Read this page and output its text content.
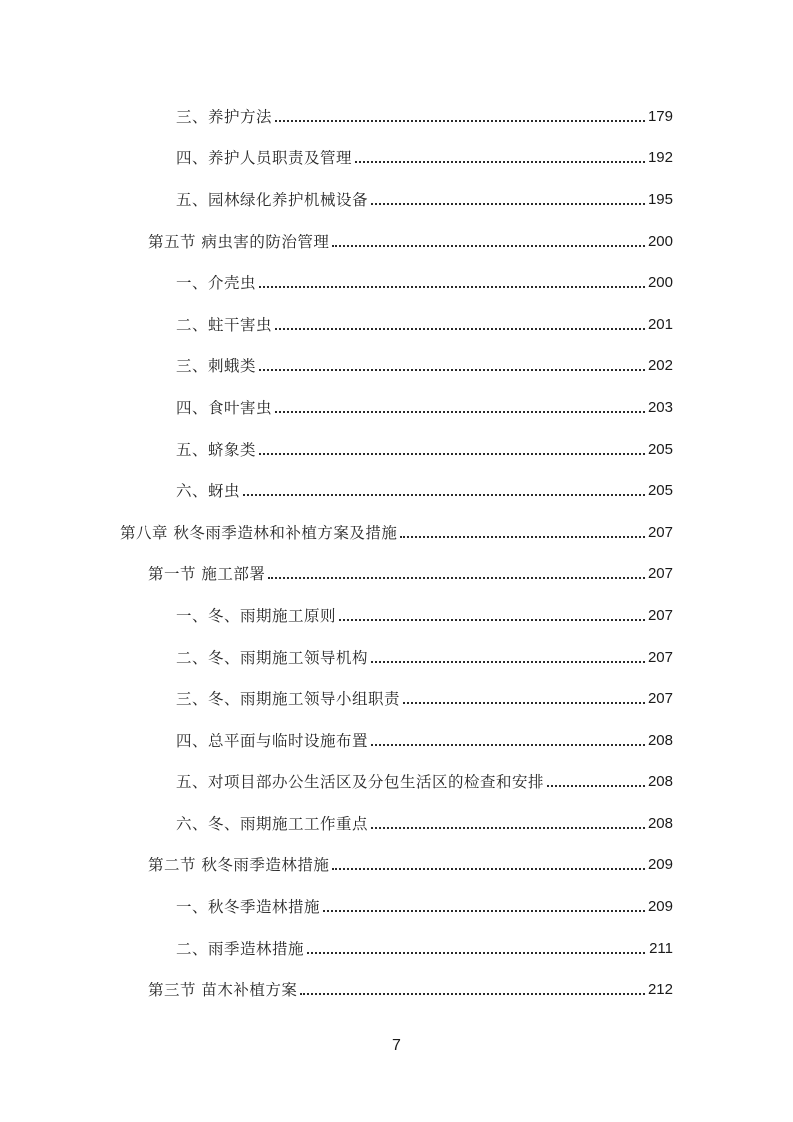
三、养护方法	179
四、养护人员职责及管理	192
五、园林绿化养护机械设备	195
第五节 病虫害的防治管理	200
一、介壳虫	200
二、蛀干害虫	201
三、刺蛾类	202
四、食叶害虫	203
五、蛴象类	205
六、蚜虫	205
第八章 秋冬雨季造林和补植方案及措施	207
第一节 施工部署	207
一、冬、雨期施工原则	207
二、冬、雨期施工领导机构	207
三、冬、雨期施工领导小组职责	207
四、总平面与临时设施布置	208
五、对项目部办公生活区及分包生活区的检查和安排	208
六、冬、雨期施工工作重点	208
第二节 秋冬雨季造林措施	209
一、秋冬季造林措施	209
二、雨季造林措施	211
第三节 苗木补植方案	212
7
